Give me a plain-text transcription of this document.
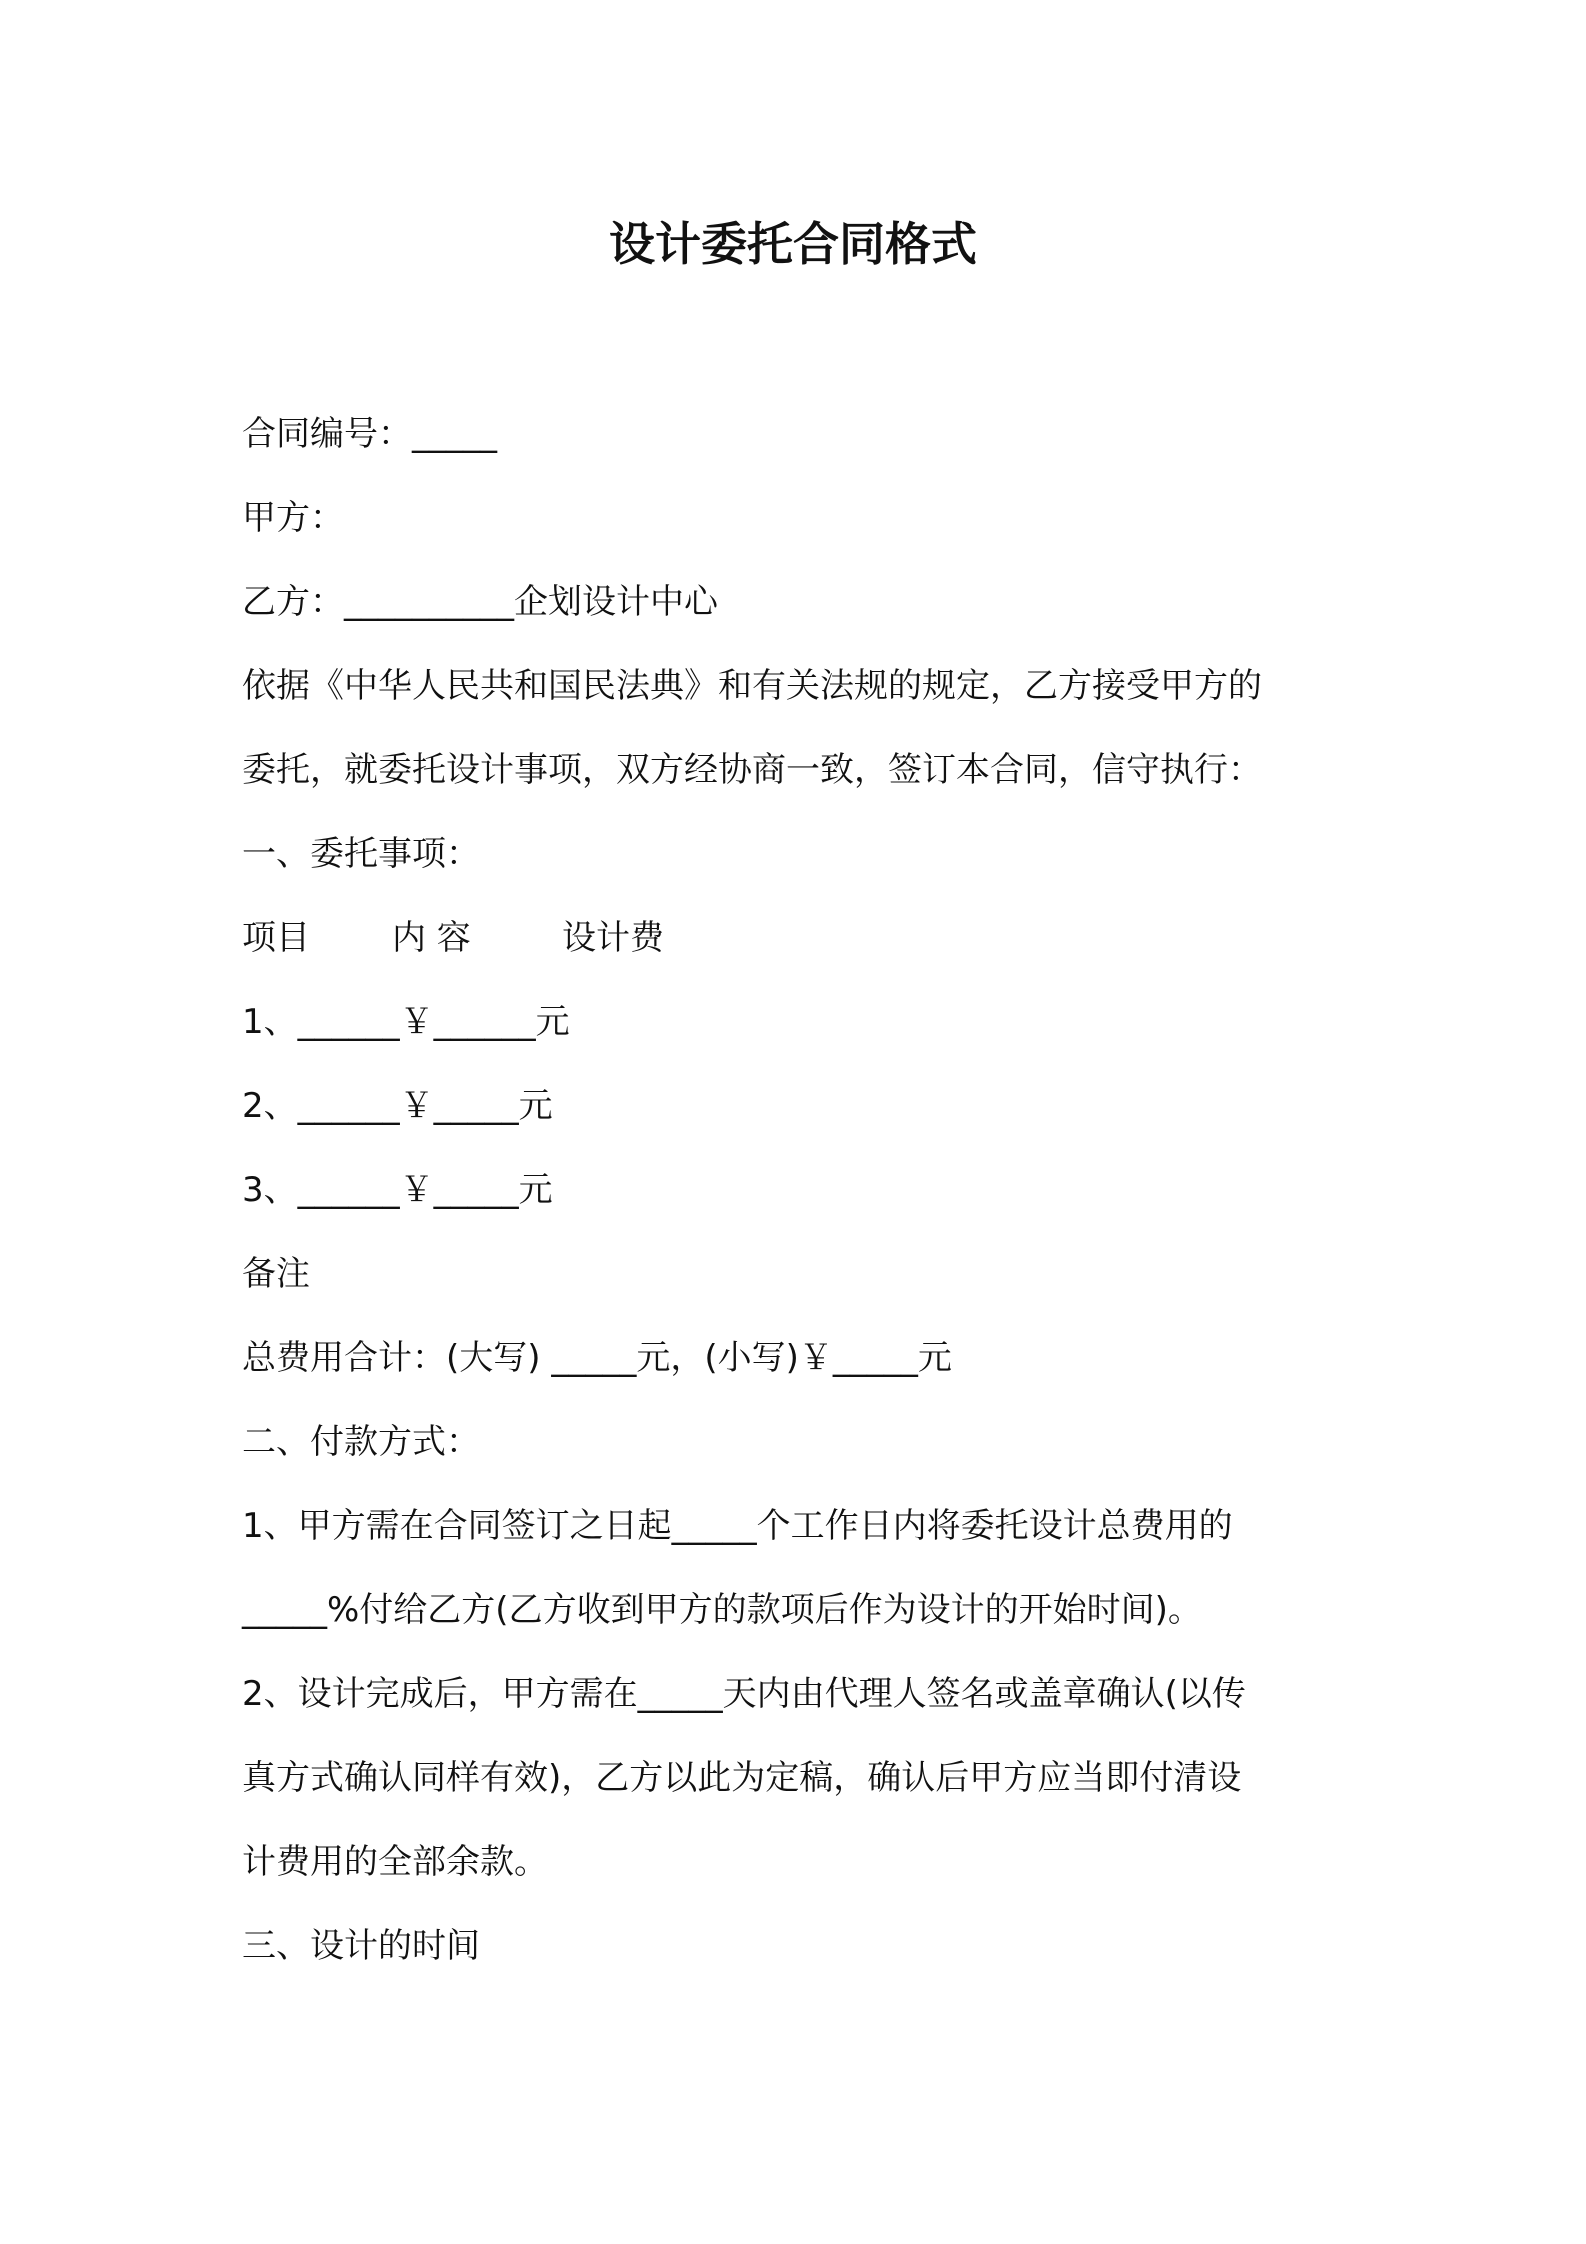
设计委托合同格式
合同编号：_____
甲方：
乙方：__________企划设计中心
依据《中华人民共和国民法典》和有关法规的规定，乙方接受甲方的
委托，就委托设计事项，双方经协商一致，签订本合同，信守执行：
一、委托事项：
项目 内 容	设计费
1、______￥______元
2、______￥_____元
3、______￥_____元
备注
总费用合计：(大写) _____元，(小写)￥_____元
二、付款方式：
1、甲方需在合同签订之日起_____个工作日内将委托设计总费用的
_____%付给乙方(乙方收到甲方的款项后作为设计的开始时间)。
2、设计完成后，甲方需在_____天内由代理人签名或盖章确认(以传
真方式确认同样有效)，乙方以此为定稿，确认后甲方应当即付清设
计费用的全部余款。
三、设计的时间
